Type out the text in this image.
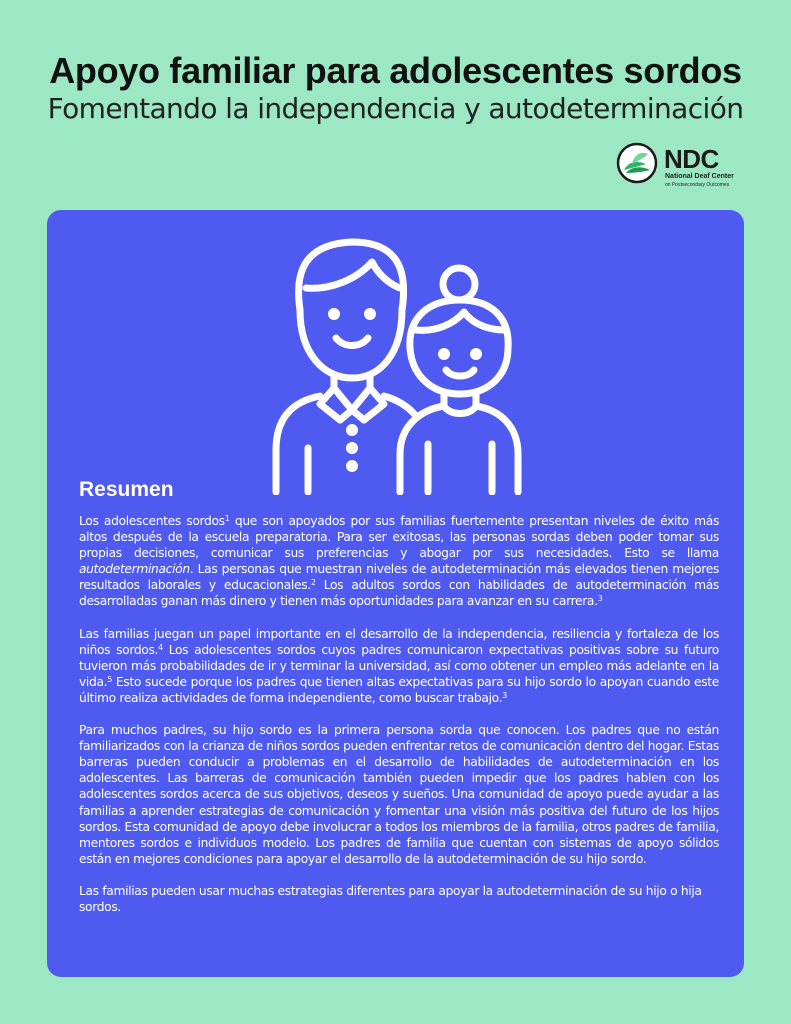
Apoyo familiar para adolescentes sordos
Fomentando la independencia y autodeterminación
NDC
National Deaf Center
on Postsecondary Outcomes
Resumen

Los adolescentes sordos$^1$ que son apoyados por sus familias fuertemente presentan niveles de éxito más altos después de la escuela preparatoria. Para ser exitosas, las personas sordas deben poder tomar sus propias decisiones, comunicar sus preferencias y abogar por sus necesidades. Esto se llama autodeterminación. Las personas que muestran niveles de autodeterminación más elevados tienen mejores resultados laborales y educacionales.$^2$ Los adultos sordos con habilidades de autodeterminación más desarrolladas ganan más dinero y tienen más oportunidades para avanzar en su carrera.$^3$

Las familias juegan un papel importante en el desarrollo de la independencia, resiliencia y fortaleza de los niños sordos.$^4$ Los adolescentes sordos cuyos padres comunicaron expectativas positivas sobre su futuro tuvieron más probabilidades de ir y terminar la universidad, así como obtener un empleo más adelante en la vida.$^5$ Esto sucede porque los padres que tienen altas expectativas para su hijo sordo lo apoyan cuando este último realiza actividades de forma independiente, como buscar trabajo.$^3$

Para muchos padres, su hijo sordo es la primera persona sorda que conocen. Los padres que no están familiarizados con la crianza de niños sordos pueden enfrentar retos de comunicación dentro del hogar. Estas barreras pueden conducir a problemas en el desarrollo de habilidades de autodeterminación en los adolescentes. Las barreras de comunicación también pueden impedir que los padres hablen con los adolescentes sordos acerca de sus objetivos, deseos y sueños. Una comunidad de apoyo puede ayudar a las familias a aprender estrategias de comunicación y fomentar una visión más positiva del futuro de los hijos sordos. Esta comunidad de apoyo debe involucrar a todos los miembros de la familia, otros padres de familia, mentores sordos e individuos modelo. Los padres de familia que cuentan con sistemas de apoyo sólidos están en mejores condiciones para apoyar el desarrollo de la autodeterminación de su hijo sordo.

Las familias pueden usar muchas estrategias diferentes para apoyar la autodeterminación de su hijo o hija sordos.
